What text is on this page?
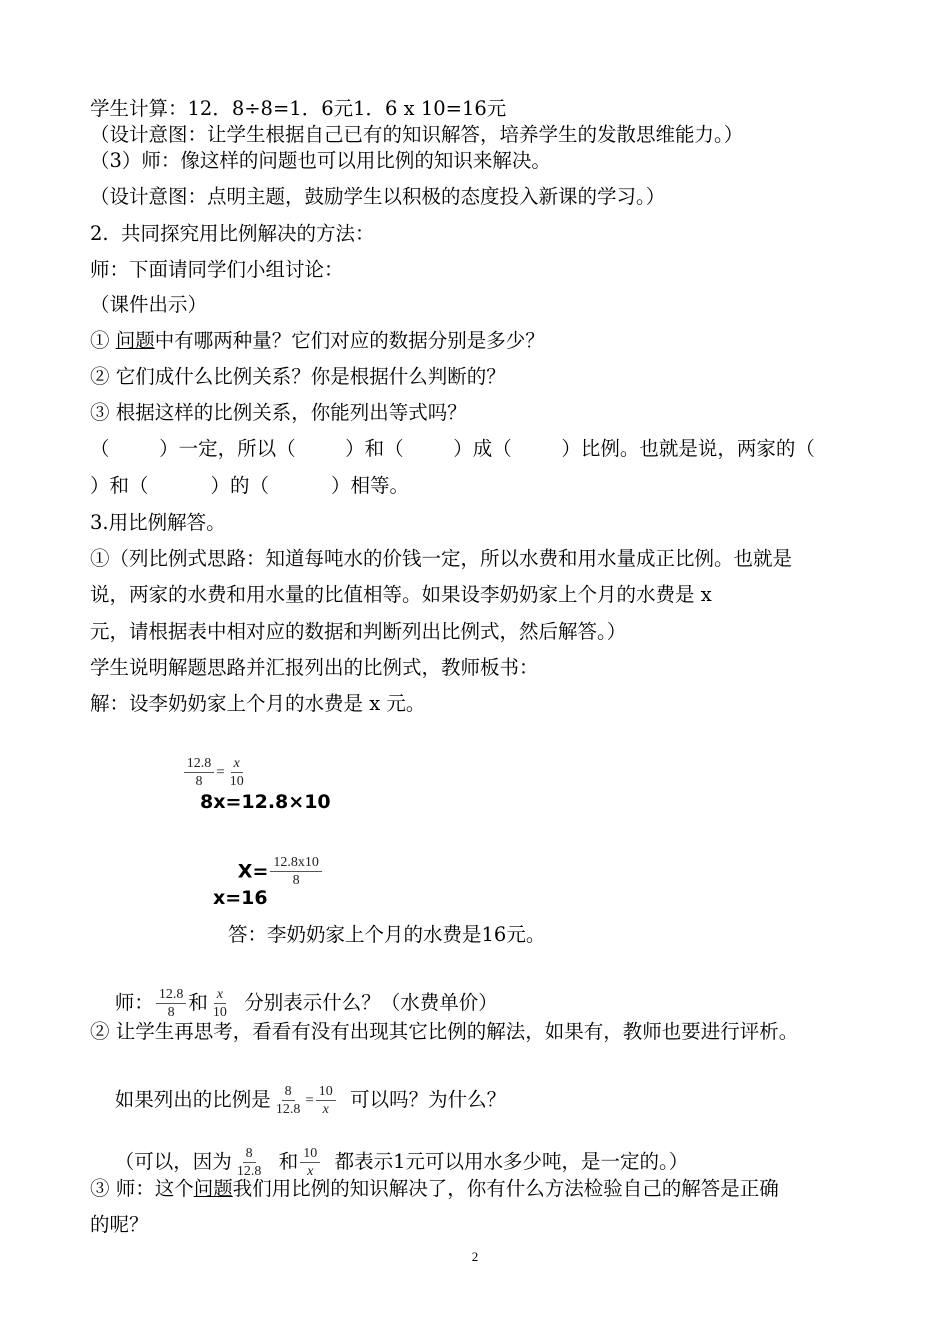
学生计算：12．8÷8=1．6元1．6 x 10=16元

（设计意图：让学生根据自己已有的知识解答，培养学生的发散思维能力。）

（3）师：像这样的问题也可以用比例的知识来解决。

（设计意图：点明主题，鼓励学生以积极的态度投入新课的学习。）

2.  共同探究用比例解决的方法：

师：下面请同学们小组讨论：

（课件出示）

① 问题中有哪两种量？它们对应的数据分别是多少？

② 它们成什么比例关系？你是根据什么判断的？

③ 根据这样的比例关系，你能列出等式吗？

（        ）一定，所以（        ）和（        ）成（        ）比例。也就是说，两家的（

）和（          ）的（          ）相等。

3.用比例解答。

①（列比例式思路：知道每吨水的价钱一定，所以水费和用水量成正比例。也就是

说，两家的水费和用水量的比值相等。如果设李奶奶家上个月的水费是 x

元，请根据表中相对应的数据和判断列出比例式，然后解答。）

学生说明解题思路并汇报列出的比例式，教师板书：

解：设李奶奶家上个月的水费是 x 元。

$\frac{12.8}{8} = \frac{x}{10}$

8x=12.8×10

$X= \frac{12.8x10}{8}$

x=16

答：李奶奶家上个月的水费是16元。

师： $\frac{12.8}{8}$ 和 $\frac{x}{10}$ 分别表示什么？（水费单价）

② 让学生再思考，看看有没有出现其它比例的解法，如果有，教师也要进行评析。

如果列出的比例是 $\frac{8}{12.8} = \frac{10}{x}$ 可以吗？为什么？

（可以，因为 $\frac{8}{12.8}$ 和 $\frac{10}{x}$ 都表示1元可以用水多少吨，是一定的。）

③ 师：这个问题我们用比例的知识解决了，你有什么方法检验自己的解答是正确

的呢？

2
